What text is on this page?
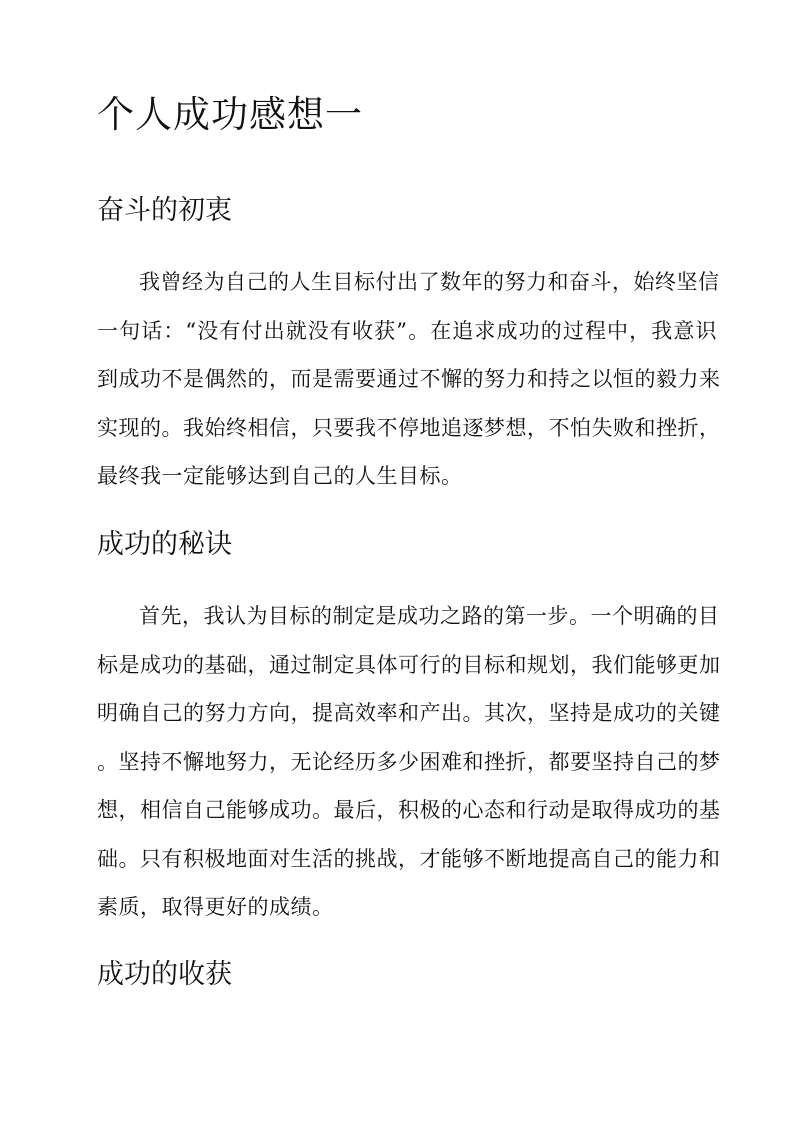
个人成功感想一
奋斗的初衷
我曾经为自己的人生目标付出了数年的努力和奋斗，始终坚信
一句话：“没有付出就没有收获”。在追求成功的过程中，我意识
到成功不是偶然的，而是需要通过不懈的努力和持之以恒的毅力来
实现的。我始终相信，只要我不停地追逐梦想，不怕失败和挫折，
最终我一定能够达到自己的人生目标。
成功的秘诀
首先，我认为目标的制定是成功之路的第一步。一个明确的目
标是成功的基础，通过制定具体可行的目标和规划，我们能够更加
明确自己的努力方向，提高效率和产出。其次，坚持是成功的关键
。坚持不懈地努力，无论经历多少困难和挫折，都要坚持自己的梦
想，相信自己能够成功。最后，积极的心态和行动是取得成功的基
础。只有积极地面对生活的挑战，才能够不断地提高自己的能力和
素质，取得更好的成绩。
成功的收获
